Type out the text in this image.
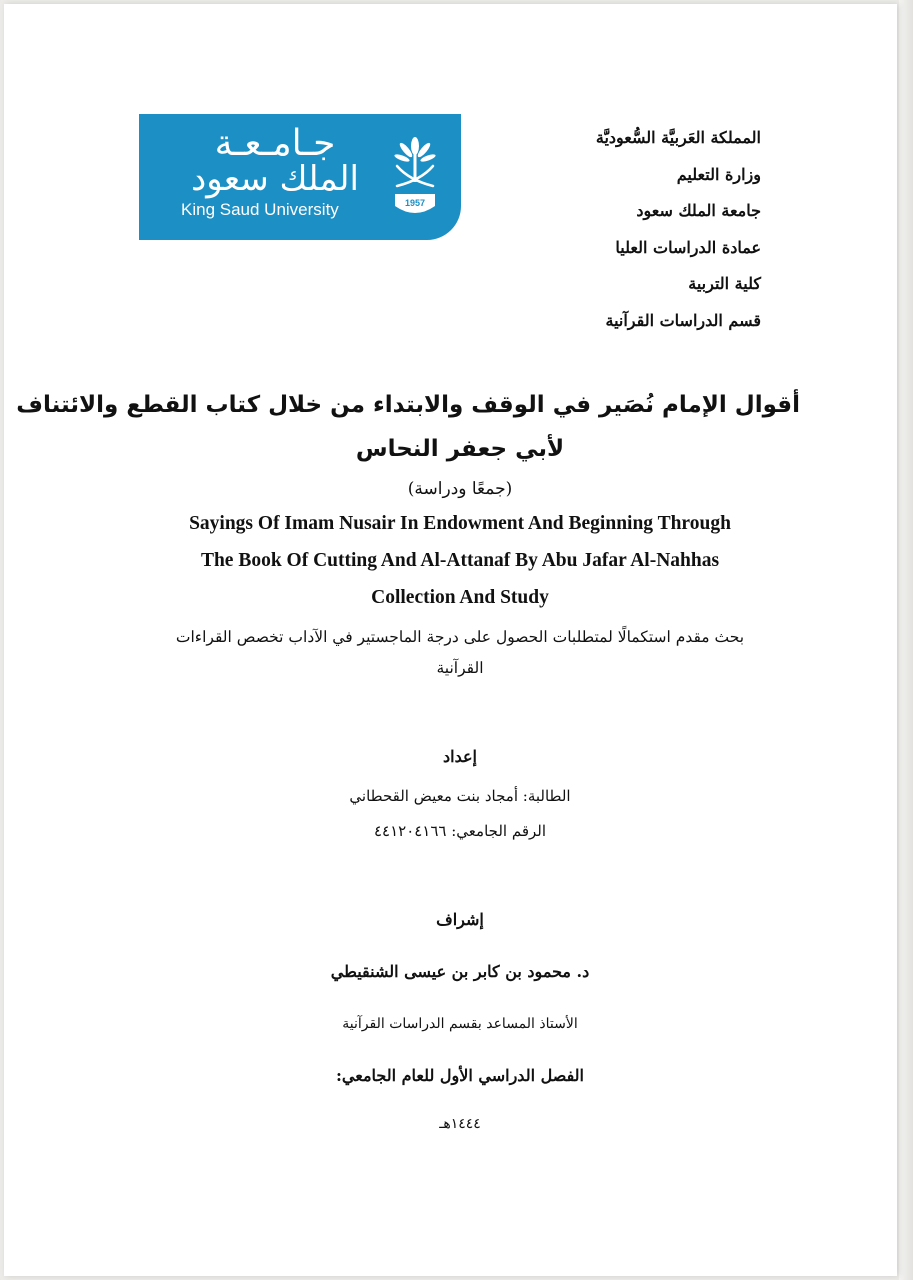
جـامـعـة
الملك سعود
King Saud University	1957
المملكة العَربيَّة السُّعوديَّة
وزارة التعليم
جامعة الملك سعود
عمادة الدراسات العليا
كلية التربية
قسم الدراسات القرآنية
أقوال الإمام نُصَير في الوقف والابتداء من خلال كتاب القطع والائتناف
لأبي جعفر النحاس
(جمعًا ودراسة)
Sayings Of Imam Nusair In Endowment And Beginning Through
The Book Of Cutting And Al-Attanaf By Abu Jafar Al-Nahhas
Collection And Study
بحث مقدم استكمالًا لمتطلبات الحصول على درجة الماجستير في الآداب تخصص القراءات
القرآنية
إعداد
الطالبة: أمجاد بنت معيض القحطاني
الرقم الجامعي: ٤٤١٢٠٤١٦٦
إشراف
د. محمود بن كابر بن عيسى الشنقيطي
الأستاذ المساعد بقسم الدراسات القرآنية
الفصل الدراسي الأول للعام الجامعي:
١٤٤٤هـ
